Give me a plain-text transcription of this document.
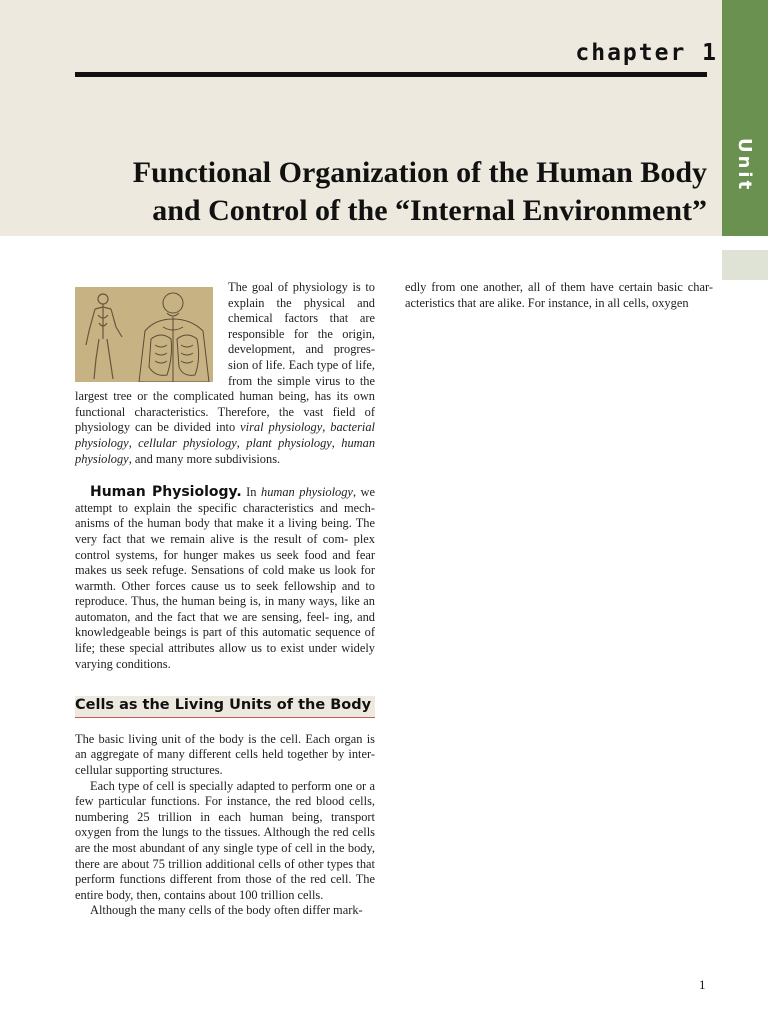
Unit
chapter 1
Functional Organization of the Human Body
and Control of the “Internal Environment”

The goal of physiology is to explain the physical and chemical factors that are responsible for the origin, development, and progres- sion of life. Each type of life, from the simple virus to the largest tree or the complicated human being, has its own functional characteristics. Therefore, the vast field of physiology can be divided into viral physiology, bacterial physiology, cellular physiology, plant physiology, human physiology, and many more subdivisions.

Human Physiology. In human physiology, we attempt to explain the specific characteristics and mech- anisms of the human body that make it a living being. The very fact that we remain alive is the result of com- plex control systems, for hunger makes us seek food and fear makes us seek refuge. Sensations of cold make us look for warmth. Other forces cause us to seek fellowship and to reproduce. Thus, the human being is, in many ways, like an automaton, and the fact that we are sensing, feel- ing, and knowledgeable beings is part of this automatic sequence of life; these special attributes allow us to exist under widely varying conditions.

Cells as the Living Units of the Body

The basic living unit of the body is the cell. Each organ is an aggregate of many different cells held together by inter- cellular supporting structures.

Each type of cell is specially adapted to perform one or a few particular functions. For instance, the red blood cells, numbering 25 trillion in each human being, transport oxygen from the lungs to the tissues. Although the red cells are the most abundant of any single type of cell in the body, there are about 75 trillion additional cells of other types that perform functions different from those of the red cell. The entire body, then, contains about 100 trillion cells.

Although the many cells of the body often differ mark-

edly from one another, all of them have certain basic char- acteristics that are alike. For instance, in all cells, oxygen

1
